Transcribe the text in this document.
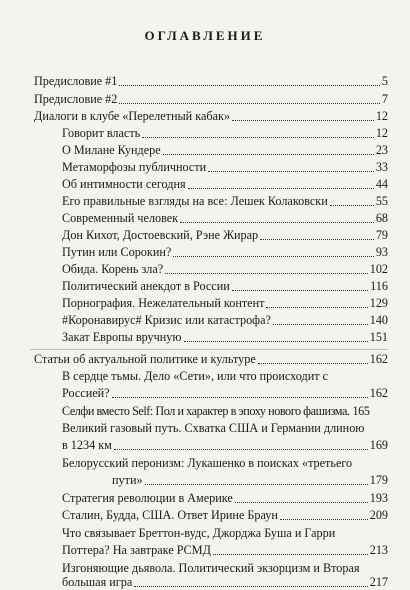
ОГЛАВЛЕНИЕ
Предисловие #1	5
Предисловие #2	7
Диалоги в клубе «Перелетный кабак»	12
Говорит власть	12
О Милане Кундере	23
Метаморфозы публичности	33
Об интимности сегодня	44
Его правильные взгляды на все: Лешек Колаковски	55
Современный человек	68
Дон Кихот, Достоевский, Рэне Жирар	79
Путин или Сорокин?	93
Обида. Корень зла?	102
Политический анекдот в России	116
Порнография. Нежелательный контент	129
#Коронавирус# Кризис или катастрофа?	140
Закат Европы вручную	151
Статьи об актуальной политике и культуре	162
В сердце тьмы. Дело «Сети», или что происходит с
Россией?	162
Селфи вместо Self: Пол и характер в эпоху нового фашизма. 165
Великий газовый путь. Схватка США и Германии длиною
в 1234 км	169
Белорусский перонизм: Лукашенко в поисках «третьего
пути»	179
Стратегия революции в Америке	193
Сталин, Будда, США. Ответ Ирине Браун	209
Что связывает Бреттон-вудс, Джорджа Буша и Гарри
Поттера? На завтраке РСМД	213
Изгоняющие дьявола. Политический экзорцизм и Вторая
большая игра	217
